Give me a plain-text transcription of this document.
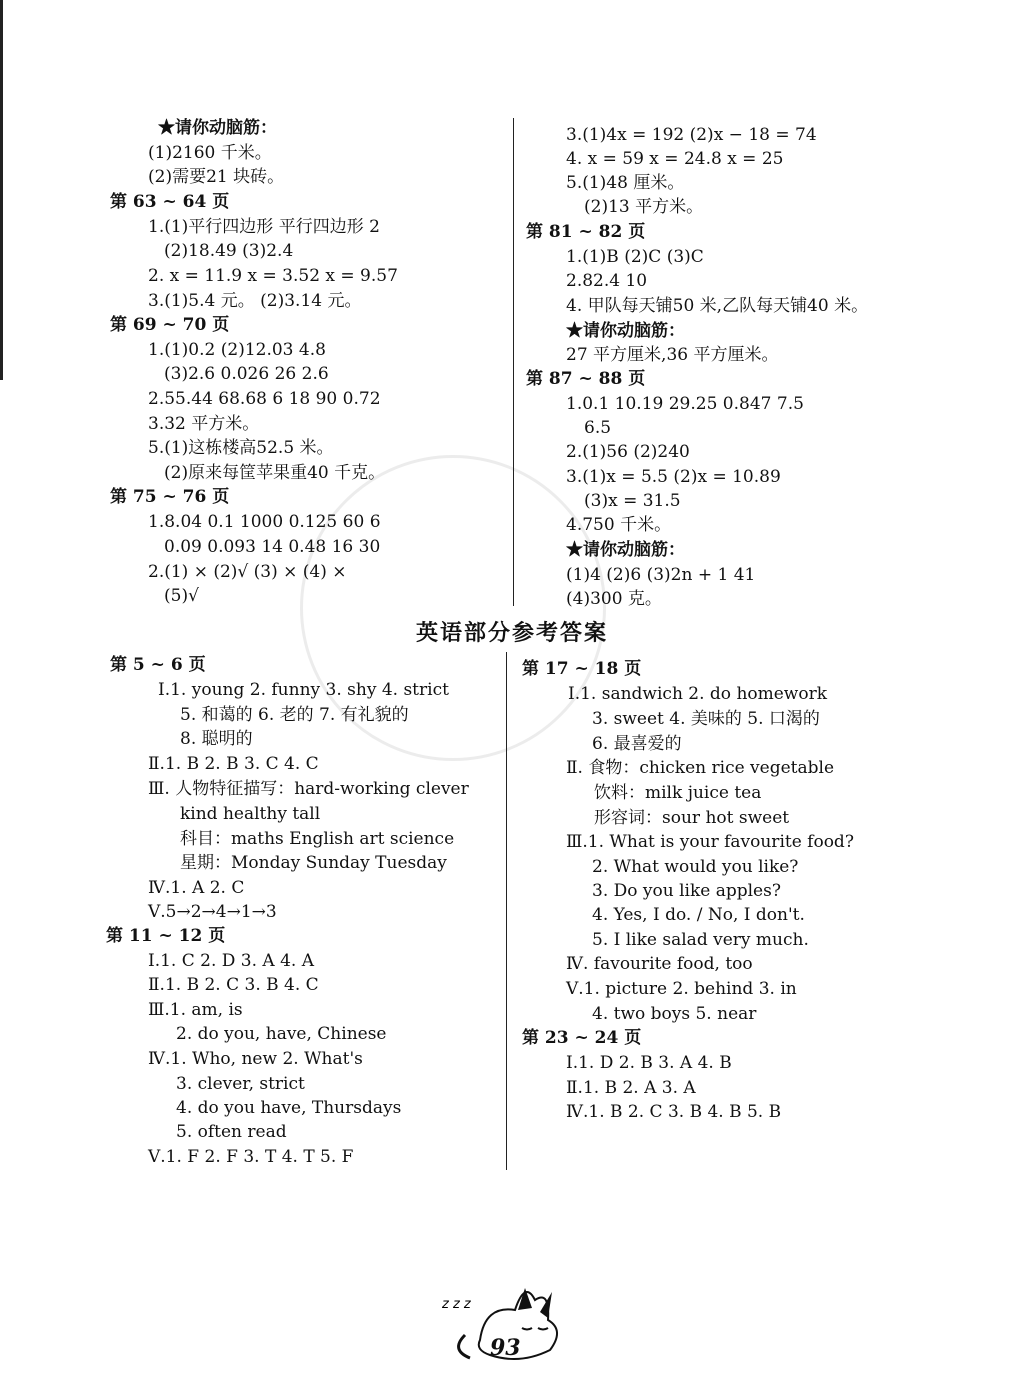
★请你动脑筋：
(1)2160 千米。
(2)需要21 块砖。
第 63 ~ 64 页
1.(1)平行四边形 平行四边形 2
(2)18.49 (3)2.4
2. x = 11.9 x = 3.52 x = 9.57
3.(1)5.4 元。 (2)3.14 元。
第 69 ~ 70 页
1.(1)0.2 (2)12.03 4.8
(3)2.6 0.026 26 2.6
2.55.44 68.68 6 18 90 0.72
3.32 平方米。
5.(1)这栋楼高52.5 米。
(2)原来每筐苹果重40 千克。
第 75 ~ 76 页
1.8.04 0.1 1000 0.125 60 6
0.09 0.093 14 0.48 16 30
2.(1) × (2)√ (3) × (4) ×
(5)√
3.(1)4x = 192 (2)x − 18 = 74
4. x = 59 x = 24.8 x = 25
5.(1)48 厘米。
(2)13 平方米。
第 81 ~ 82 页
1.(1)B (2)C (3)C
2.82.4 10
4. 甲队每天铺50 米,乙队每天铺40 米。
★请你动脑筋：
27 平方厘米,36 平方厘米。
第 87 ~ 88 页
1.0.1 10.19 29.25 0.847 7.5
6.5
2.(1)56 (2)240
3.(1)x = 5.5 (2)x = 10.89
(3)x = 31.5
4.750 千米。
★请你动脑筋：
(1)4 (2)6 (3)2n + 1 41
(4)300 克。
英语部分参考答案
第 5 ~ 6 页
Ⅰ.1. young 2. funny 3. shy 4. strict
5. 和蔼的 6. 老的 7. 有礼貌的
8. 聪明的
Ⅱ.1. B 2. B 3. C 4. C
Ⅲ. 人物特征描写：hard-working clever
kind healthy tall
科目：maths English art science
星期：Monday Sunday Tuesday
Ⅳ.1. A 2. C
Ⅴ.5→2→4→1→3
第 11 ~ 12 页
Ⅰ.1. C 2. D 3. A 4. A
Ⅱ.1. B 2. C 3. B 4. C
Ⅲ.1. am, is
2. do you, have, Chinese
Ⅳ.1. Who, new 2. What's
3. clever, strict
4. do you have, Thursdays
5. often read
Ⅴ.1. F 2. F 3. T 4. T 5. F
第 17 ~ 18 页
Ⅰ.1. sandwich 2. do homework
3. sweet 4. 美味的 5. 口渴的
6. 最喜爱的
Ⅱ. 食物：chicken rice vegetable
饮料：milk juice tea
形容词：sour hot sweet
Ⅲ.1. What is your favourite food?
2. What would you like?
3. Do you like apples?
4. Yes, I do. / No, I don't.
5. I like salad very much.
Ⅳ. favourite food, too
Ⅴ.1. picture 2. behind 3. in
4. two boys 5. near
第 23 ~ 24 页
Ⅰ.1. D 2. B 3. A 4. B
Ⅱ.1. B 2. A 3. A
Ⅳ.1. B 2. C 3. B 4. B 5. B
z z z
93
